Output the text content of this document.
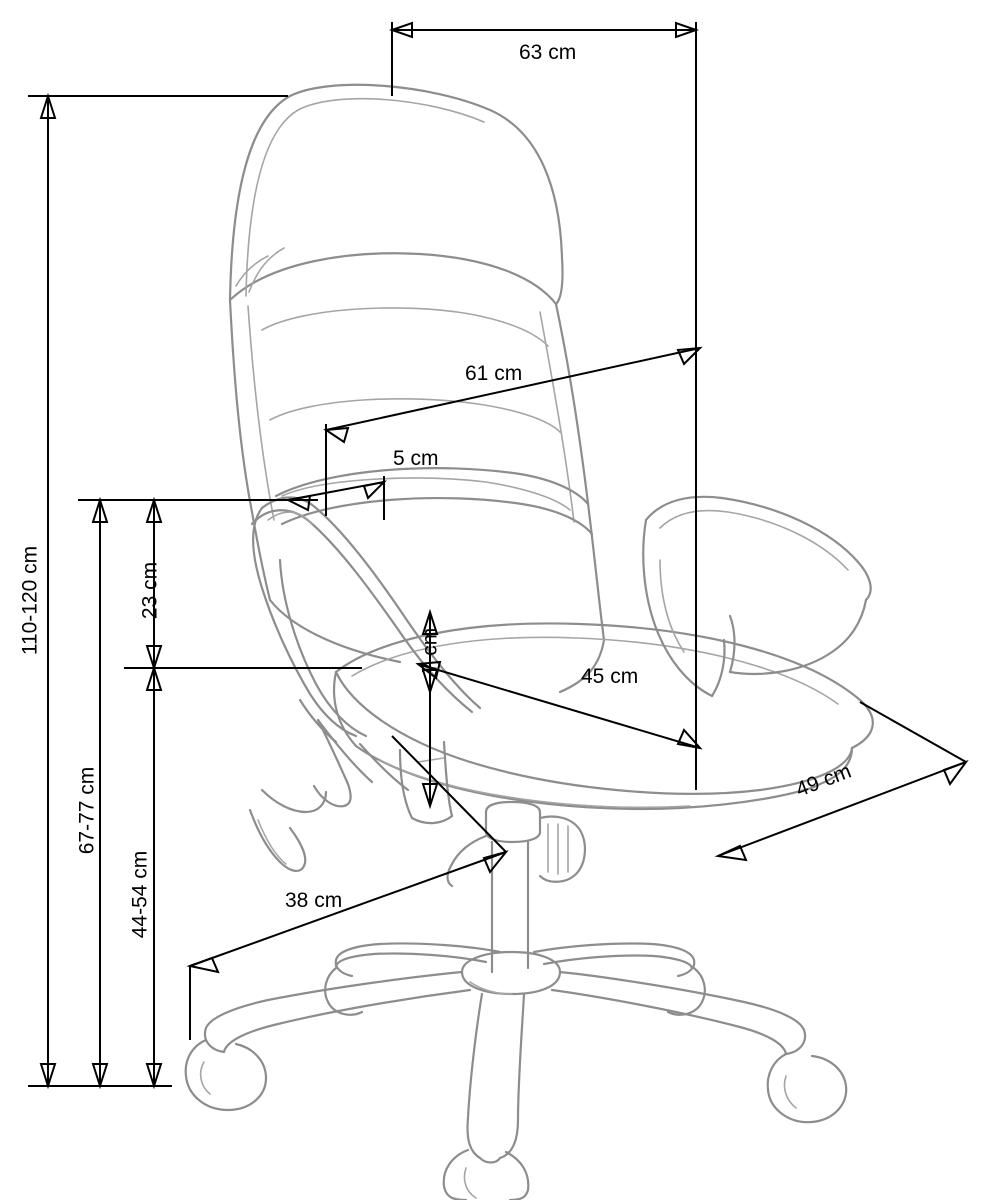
63 cm
61 cm
5 cm
45 cm
38 cm
49 cm
110-120 cm
67-77 cm
44-54 cm
23 cm
7 cm
